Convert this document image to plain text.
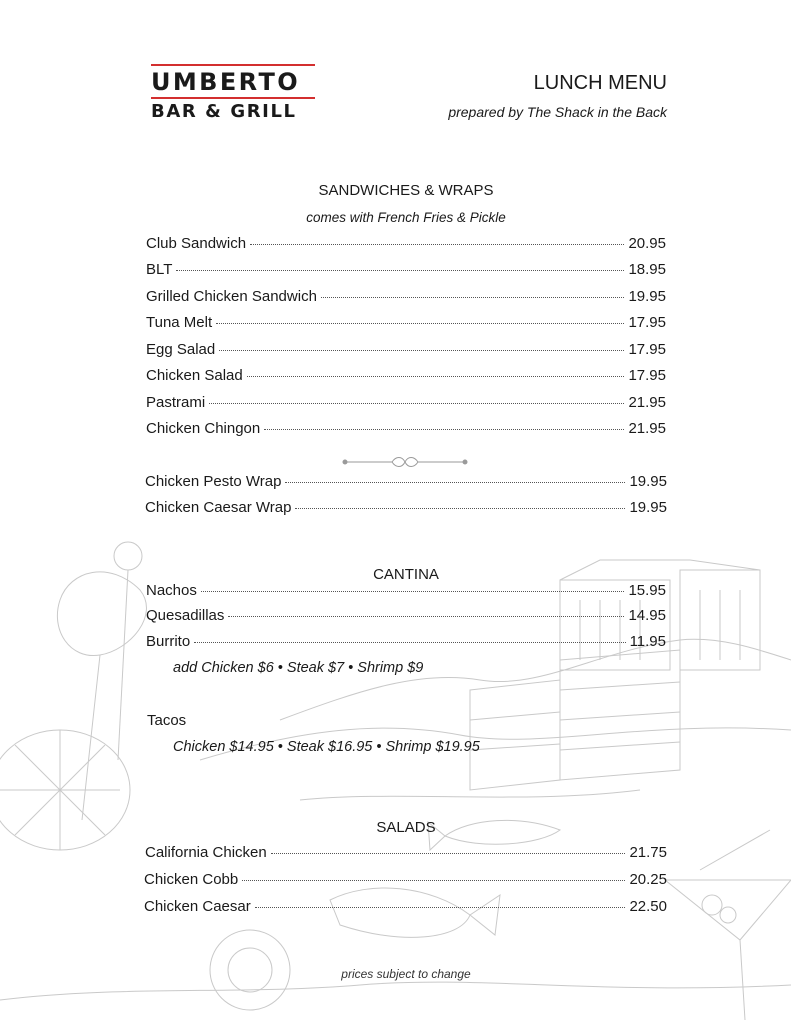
UMBERTO
BAR & GRILL
LUNCH MENU
prepared by The Shack in the Back
SANDWICHES & WRAPS
comes with French Fries & Pickle
Club Sandwich	20.95
BLT	18.95
Grilled Chicken Sandwich	19.95
Tuna Melt	17.95
Egg Salad	17.95
Chicken Salad	17.95
Pastrami	21.95
Chicken Chingon	21.95
Chicken Pesto Wrap	19.95
Chicken Caesar Wrap	19.95
CANTINA
Nachos	15.95
Quesadillas	14.95
Burrito	11.95
add Chicken $6 • Steak $7 • Shrimp $9
Tacos
Chicken $14.95 • Steak $16.95 • Shrimp $19.95
SALADS
California Chicken	21.75
Chicken Cobb	20.25
Chicken Caesar	22.50
prices subject to change
